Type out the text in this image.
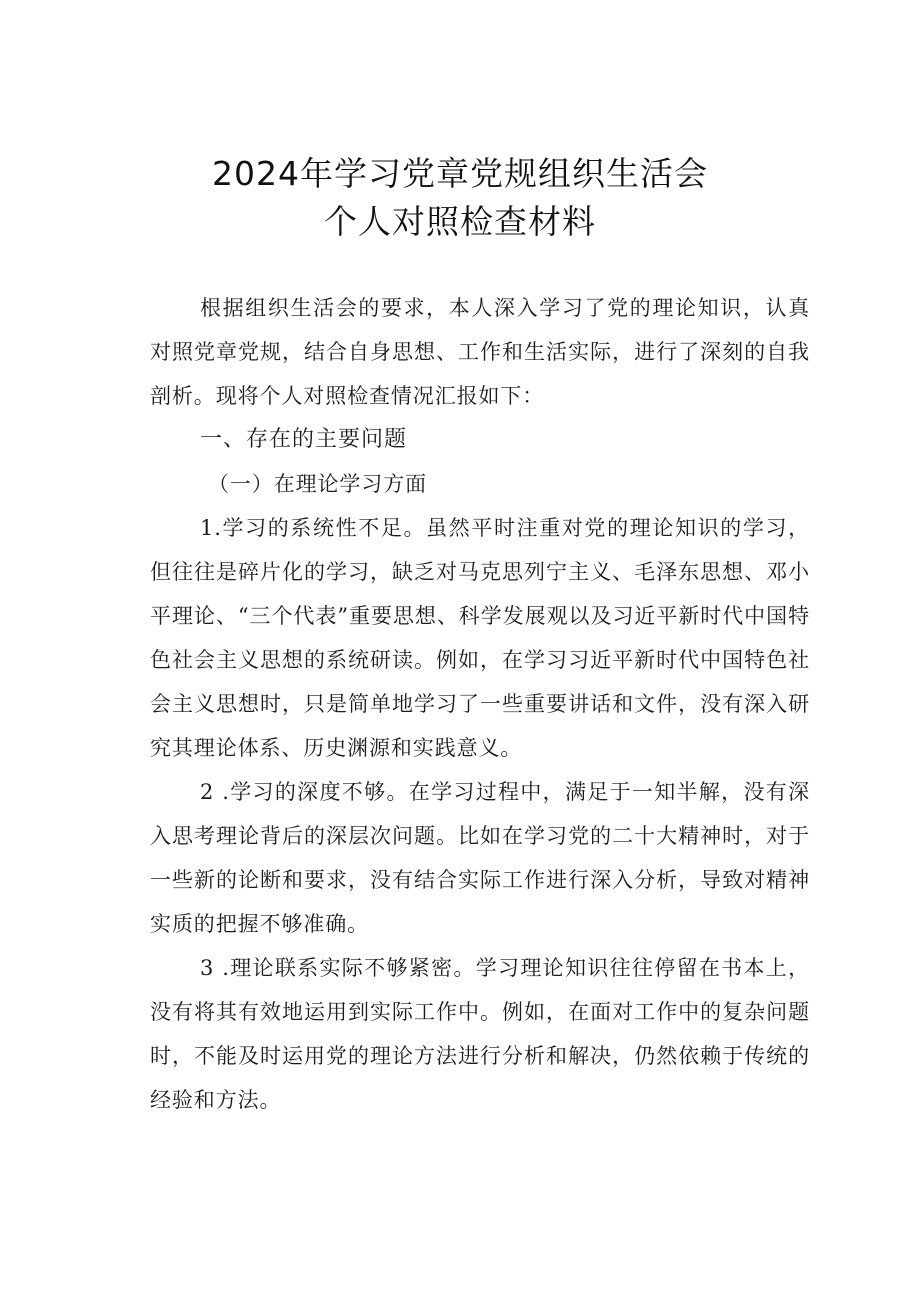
2024年学习党章党规组织生活会
个人对照检查材料

根据组织生活会的要求，本人深入学习了党的理论知识，认真对照党章党规，结合自身思想、工作和生活实际，进行了深刻的自我剖析。现将个人对照检查情况汇报如下：

一、存在的主要问题

（一）在理论学习方面

1.学习的系统性不足。虽然平时注重对党的理论知识的学习，但往往是碎片化的学习，缺乏对马克思列宁主义、毛泽东思想、邓小平理论、“三个代表”重要思想、科学发展观以及习近平新时代中国特色社会主义思想的系统研读。例如，在学习习近平新时代中国特色社会主义思想时，只是简单地学习了一些重要讲话和文件，没有深入研究其理论体系、历史渊源和实践意义。

2 .学习的深度不够。在学习过程中，满足于一知半解，没有深入思考理论背后的深层次问题。比如在学习党的二十大精神时，对于一些新的论断和要求，没有结合实际工作进行深入分析，导致对精神实质的把握不够准确。

3 .理论联系实际不够紧密。学习理论知识往往停留在书本上，没有将其有效地运用到实际工作中。例如，在面对工作中的复杂问题时，不能及时运用党的理论方法进行分析和解决，仍然依赖于传统的经验和方法。
